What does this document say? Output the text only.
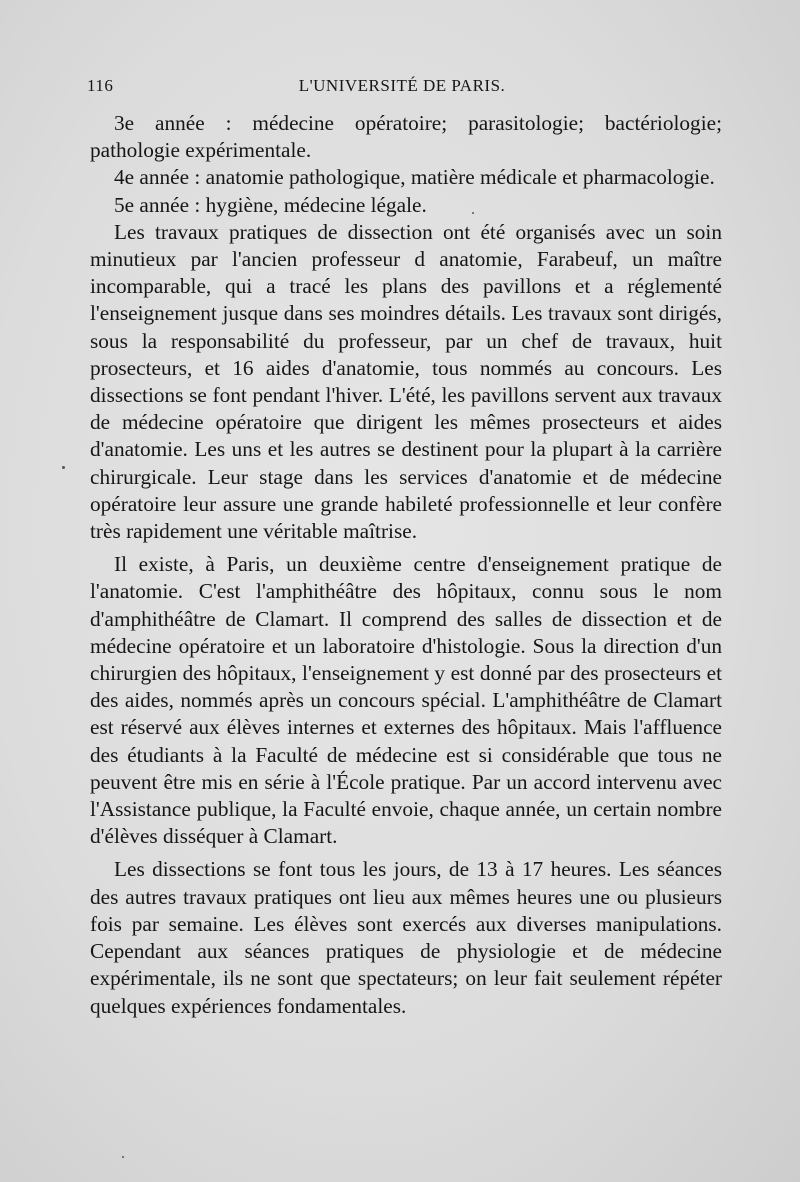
L'UNIVERSITÉ DE PARIS.
116

3e année : médecine opératoire; parasitologie; bactériologie; pathologie expérimentale.

4e année : anatomie pathologique, matière médicale et pharmacologie.

5e année : hygiène, médecine légale.

Les travaux pratiques de dissection ont été organisés avec un soin minutieux par l'ancien professeur d anatomie, Farabeuf, un maître incomparable, qui a tracé les plans des pavillons et a réglementé l'enseignement jusque dans ses moindres détails. Les travaux sont dirigés, sous la responsabilité du professeur, par un chef de travaux, huit prosecteurs, et 16 aides d'anatomie, tous nommés au concours. Les dissections se font pendant l'hiver. L'été, les pavillons servent aux travaux de médecine opératoire que dirigent les mêmes prosecteurs et aides d'anatomie. Les uns et les autres se destinent pour la plupart à la carrière chirurgicale. Leur stage dans les services d'anatomie et de médecine opératoire leur assure une grande habileté professionnelle et leur confère très rapidement une véritable maîtrise.

Il existe, à Paris, un deuxième centre d'enseignement pratique de l'anatomie. C'est l'amphithéâtre des hôpitaux, connu sous le nom d'amphithéâtre de Clamart. Il comprend des salles de dissection et de médecine opératoire et un laboratoire d'histologie. Sous la direction d'un chirurgien des hôpitaux, l'enseignement y est donné par des prosecteurs et des aides, nommés après un concours spécial. L'amphithéâtre de Clamart est réservé aux élèves internes et externes des hôpitaux. Mais l'affluence des étudiants à la Faculté de médecine est si considérable que tous ne peuvent être mis en série à l'École pratique. Par un accord intervenu avec l'Assistance publique, la Faculté envoie, chaque année, un certain nombre d'élèves disséquer à Clamart.

Les dissections se font tous les jours, de 13 à 17 heures. Les séances des autres travaux pratiques ont lieu aux mêmes heures une ou plusieurs fois par semaine. Les élèves sont exercés aux diverses manipulations. Cependant aux séances pratiques de physiologie et de médecine expérimentale, ils ne sont que spectateurs; on leur fait seulement répéter quelques expériences fondamentales.
